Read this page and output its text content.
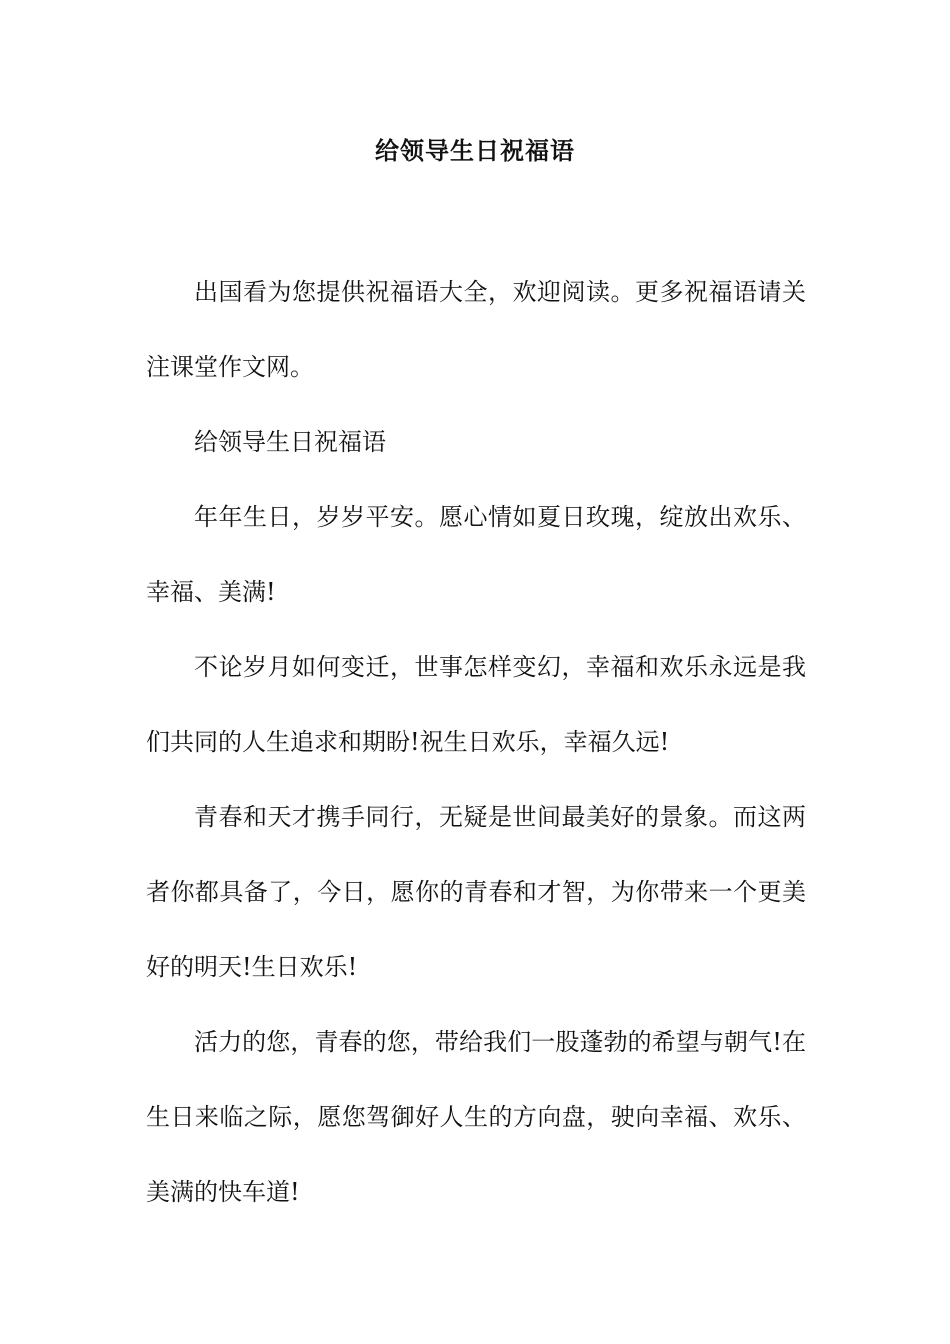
给领导生日祝福语

出国看为您提供祝福语大全，欢迎阅读。更多祝福语请关注课堂作文网。

给领导生日祝福语

年年生日，岁岁平安。愿心情如夏日玫瑰，绽放出欢乐、幸福、美满!

不论岁月如何变迁，世事怎样变幻，幸福和欢乐永远是我们共同的人生追求和期盼!祝生日欢乐，幸福久远!

青春和天才携手同行，无疑是世间最美好的景象。而这两者你都具备了，今日，愿你的青春和才智，为你带来一个更美好的明天!生日欢乐!

活力的您，青春的您，带给我们一股蓬勃的希望与朝气!在生日来临之际，愿您驾御好人生的方向盘，驶向幸福、欢乐、美满的快车道!
